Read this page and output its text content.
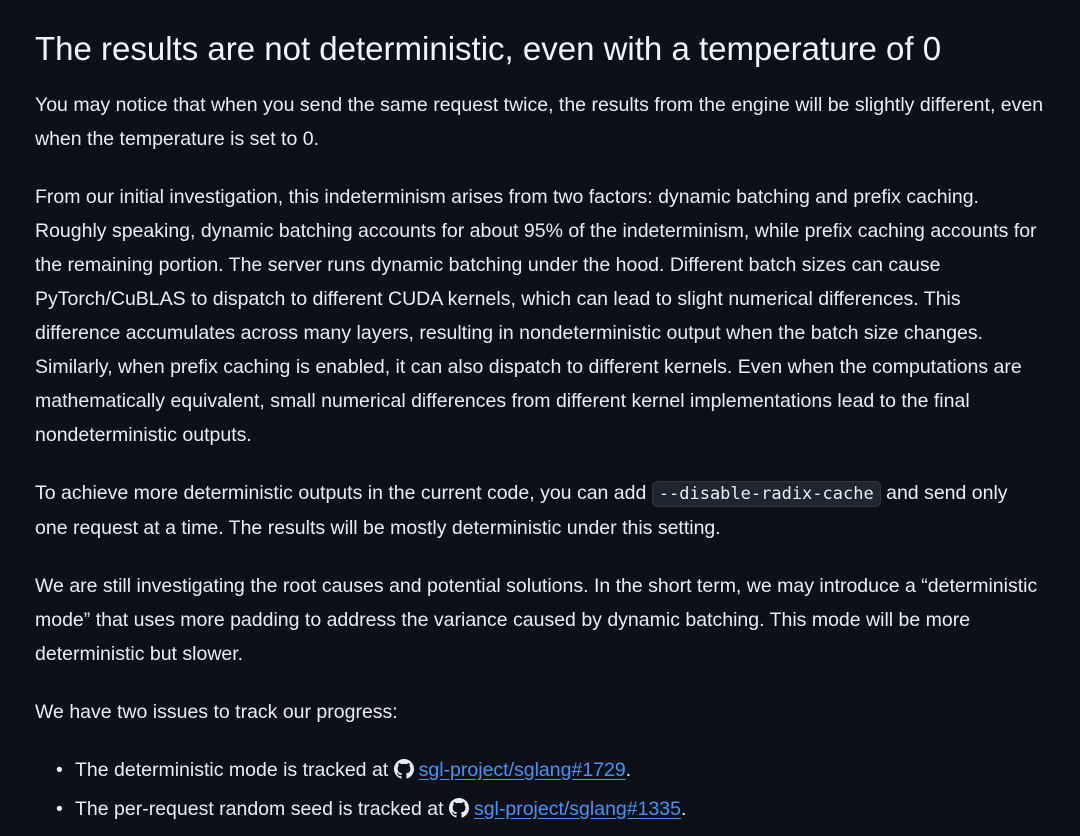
The results are not deterministic, even with a temperature of 0

You may notice that when you send the same request twice, the results from the engine will be slightly different, even when the temperature is set to 0.

From our initial investigation, this indeterminism arises from two factors: dynamic batching and prefix caching. Roughly speaking, dynamic batching accounts for about 95% of the indeterminism, while prefix caching accounts for the remaining portion. The server runs dynamic batching under the hood. Different batch sizes can cause PyTorch/CuBLAS to dispatch to different CUDA kernels, which can lead to slight numerical differences. This difference accumulates across many layers, resulting in nondeterministic output when the batch size changes. Similarly, when prefix caching is enabled, it can also dispatch to different kernels. Even when the computations are mathematically equivalent, small numerical differences from different kernel implementations lead to the final nondeterministic outputs.

To achieve more deterministic outputs in the current code, you can add --disable-radix-cache and send only one request at a time. The results will be mostly deterministic under this setting.

We are still investigating the root causes and potential solutions. In the short term, we may introduce a “deterministic mode” that uses more padding to address the variance caused by dynamic batching. This mode will be more deterministic but slower.

We have two issues to track our progress:

• The deterministic mode is tracked at sgl-project/sglang#1729.
• The per-request random seed is tracked at sgl-project/sglang#1335.
